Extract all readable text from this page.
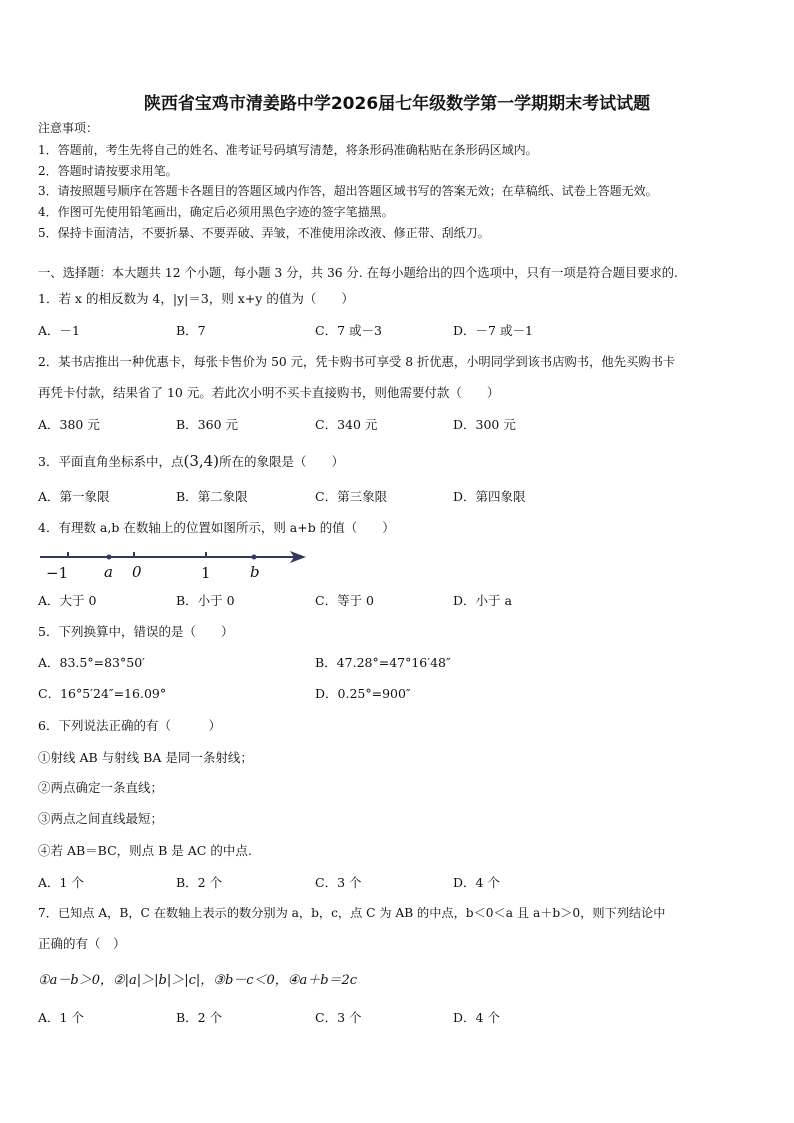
陕西省宝鸡市清姜路中学2026届七年级数学第一学期期末考试试题
注意事项：
1．答题前，考生先将自己的姓名、准考证号码填写清楚，将条形码准确粘贴在条形码区域内。
2．答题时请按要求用笔。
3．请按照题号顺序在答题卡各题目的答题区域内作答，超出答题区域书写的答案无效；在草稿纸、试卷上答题无效。
4．作图可先使用铅笔画出，确定后必须用黑色字迹的签字笔描黑。
5．保持卡面清洁，不要折暴、不要弄破、弄皱，不准使用涂改液、修正带、刮纸刀。
一、选择题：本大题共 12 个小题，每小题 3 分，共 36 分. 在每小题给出的四个选项中，只有一项是符合题目要求的.
1．若 x 的相反数为 4，|y|＝3，则 x+y 的值为（　　）
A．－1	B．7	C．7 或－3	D．－7 或－1
2．某书店推出一种优惠卡，每张卡售价为 50 元，凭卡购书可享受 8 折优惠，小明同学到该书店购书，他先买购书卡
再凭卡付款，结果省了 10 元。若此次小明不买卡直接购书，则他需要付款（　　）
A．380 元	B．360 元	C．340 元	D．300 元
3．平面直角坐标系中，点(3,4)所在的象限是（　　）
A．第一象限	B．第二象限	C．第三象限	D．第四象限
4．有理数 a,b 在数轴上的位置如图所示，则 a+b 的值（　　）
−1 a 0	1	b
A．大于 0	B．小于 0	C．等于 0	D．小于 a
5．下列换算中，错误的是（　　）
A．83.5°=83°50′	B．47.28°=47°16′48″
C．16°5′24″=16.09°	D．0.25°=900″
6．下列说法正确的有（　　　）
①射线 AB 与射线 BA 是同一条射线；
②两点确定一条直线；
③两点之间直线最短；
④若 AB＝BC，则点 B 是 AC 的中点.
A．1 个	B．2 个	C．3 个	D．4 个
7．已知点 A，B，C 在数轴上表示的数分别为 a，b，c，点 C 为 AB 的中点，b＜0＜a 且 a＋b＞0，则下列结论中
正确的有（　）
①a－b＞0，②|a|＞|b|＞|c|，③b－c＜0，④a＋b＝2c
A．1 个	B．2 个	C．3 个	D．4 个
